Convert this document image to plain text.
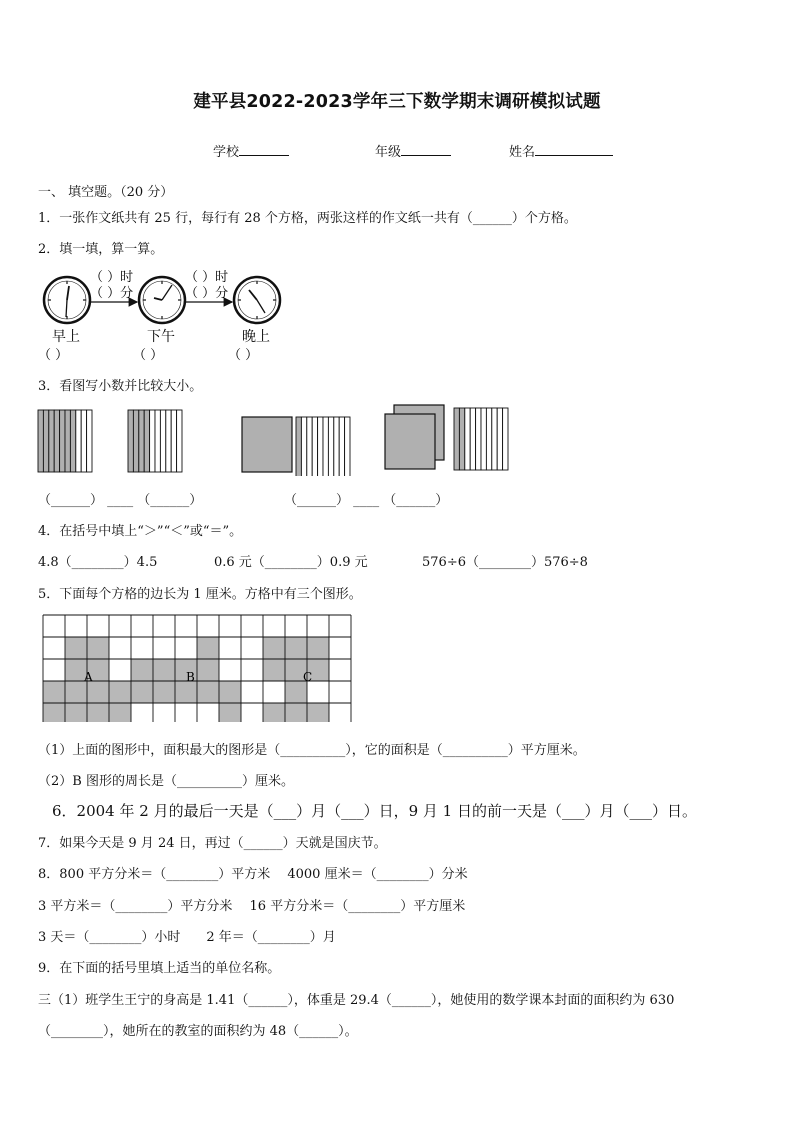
建平县2022-2023学年三下数学期末调研模拟试题
学校	年级	姓名
一、 填空题。（20 分）
1．一张作文纸共有 25 行，每行有 28 个方格，两张这样的作文纸一共有（______）个方格。
2．填一填，算一算。
（ ）时
（ ）分
（ ）时
（ ）分
早上	下午	晚上
（ ）	（ ）	（ ）
3．看图写小数并比较大小。
（______） ____ （______）	（______） ____ （______）
4．在括号中填上“＞”“＜”或“＝”。
4.8（________）4.5	0.6 元（________）0.9 元	576÷6（________）576÷8
5．下面每个方格的边长为 1 厘米。方格中有三个图形。
A	B	C
（1）上面的图形中，面积最大的图形是（__________），它的面积是（__________）平方厘米。
（2）B 图形的周长是（__________）厘米。
6．2004 年 2 月的最后一天是（___）月（___）日，9 月 1 日的前一天是（___）月（___）日。
7．如果今天是 9 月 24 日，再过（______）天就是国庆节。
8．800 平方分米＝（________）平方米　 4000 厘米＝（________）分米
3 平方米＝（________）平方分米　 16 平方分米＝（________）平方厘米
3 天＝（________）小时　　2 年＝（________）月
9．在下面的括号里填上适当的单位名称。
三（1）班学生王宁的身高是 1.41（______），体重是 29.4（______），她使用的数学课本封面的面积约为 630
（________），她所在的教室的面积约为 48（______）。
